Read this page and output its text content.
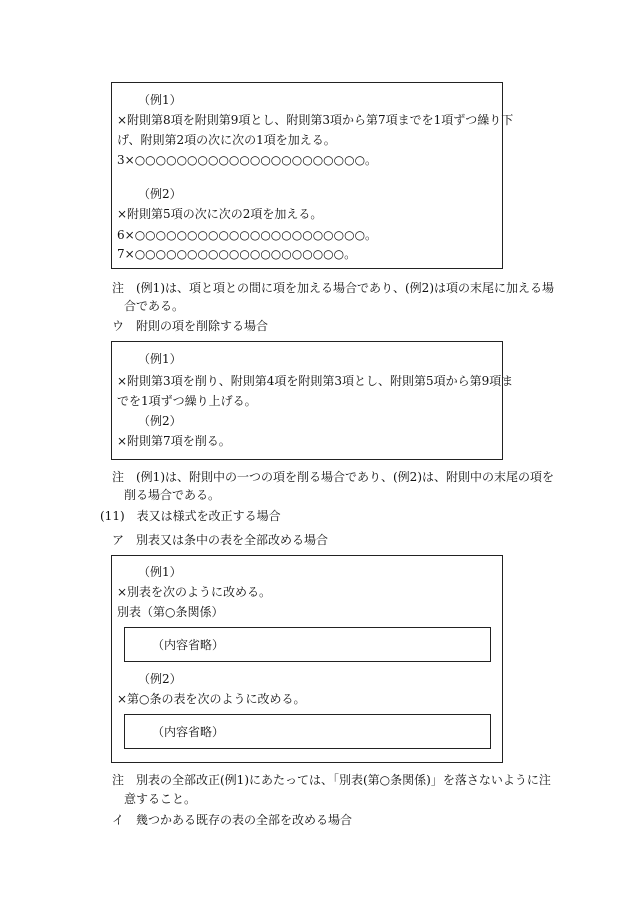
（例1）
×附則第8項を附則第9項とし、附則第3項から第7項までを1項ずつ繰り下
げ、附則第2項の次に次の1項を加える。
3×○○○○○○○○○○○○○○○○○○○○○○。
（例2）
×附則第5項の次に次の2項を加える。
6×○○○○○○○○○○○○○○○○○○○○○○。
7×○○○○○○○○○○○○○○○○○○○○。
注　(例1)は、項と項との間に項を加える場合であり、(例2)は項の末尾に加える場
合である。
ウ　附則の項を削除する場合
（例1）
×附則第3項を削り、附則第4項を附則第3項とし、附則第5項から第9項ま
でを1項ずつ繰り上げる。
（例2）
×附則第7項を削る。
注　(例1)は、附則中の一つの項を削る場合であり、(例2)は、附則中の末尾の項を
削る場合である。
(11)　表又は様式を改正する場合
ア　別表又は条中の表を全部改める場合
（例1）
×別表を次のように改める。
別表（第○条関係）
（内容省略）
（例2）
×第○条の表を次のように改める。
（内容省略）
注　別表の全部改正(例1)にあたっては、「別表(第○条関係)」を落さないように注
意すること。
イ　幾つかある既存の表の全部を改める場合
